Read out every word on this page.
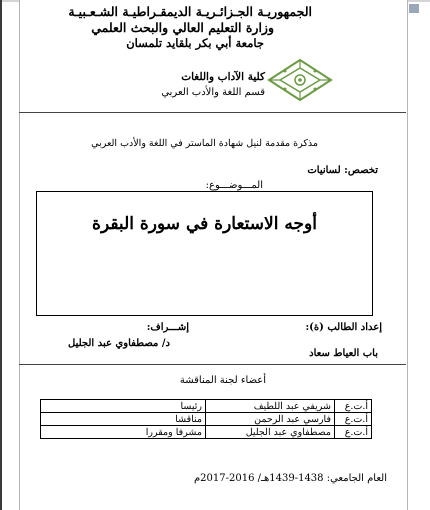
الجمهوريـة الجـزائـريـة الديمقـراطيـة الشـعـبيـة
وزارة التعليم العالي والبحث العلمي
جامعة أبي بكر بلقايد تلمسان
كلية الآداب واللغات
قسم اللغة والأدب العربي
مذكرة مقدمة لنيل شهادة الماستر في اللغة والأدب العربي
تخصص: لسانيات
المـــوضـــوع:
أوجه الاستعارة في سورة البقرة
إعداد الطالب (ة):
إشـــراف:
د/ مصطفاوي عبد الجليل
باب العياط سعاد
أعضاء لجنة المناقشة
أ.ت.ع	شريفي عبد اللطيف	رئيسا
أ.ت.ع	فارسي عبد الرحمن	مناقشا
أ.ت.ع	مصطفاوي عبد الجليل	مشرفا ومقررا
العام الجامعي: 1438-1439هـ/ 2016-2017م
